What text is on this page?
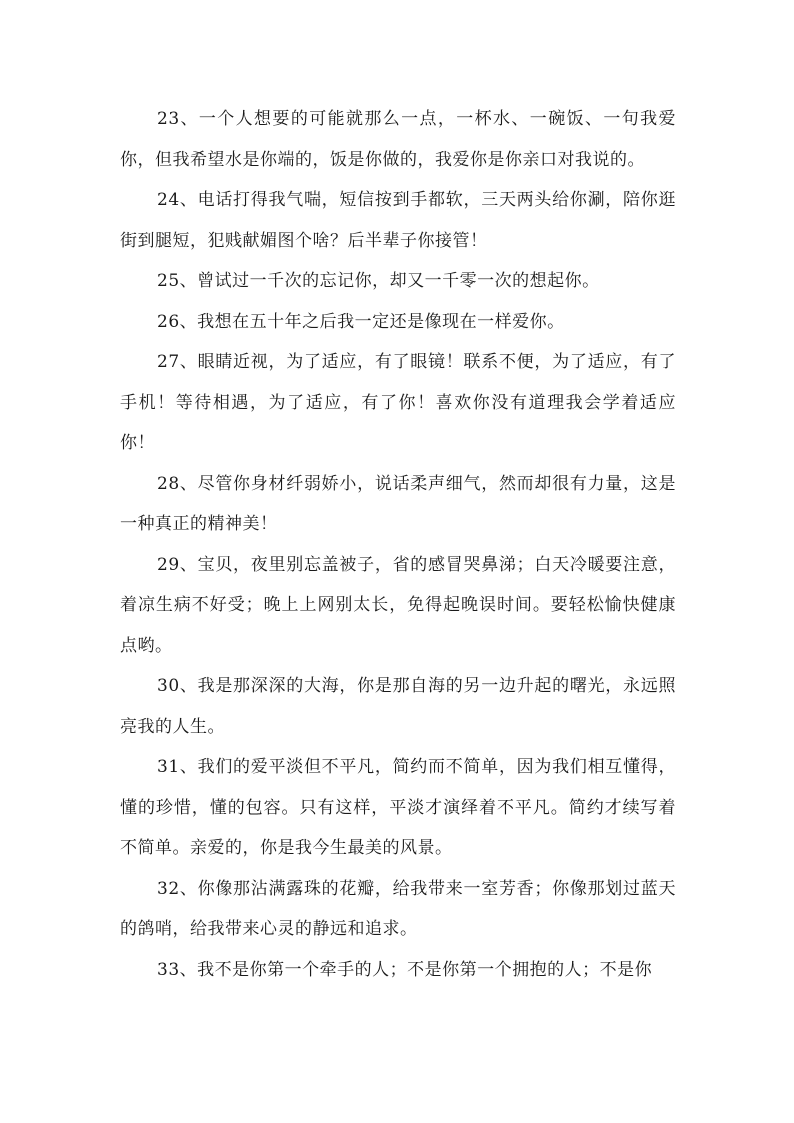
23、一个人想要的可能就那么一点，一杯水、一碗饭、一句我爱你，但我希望水是你端的，饭是你做的，我爱你是你亲口对我说的。

24、电话打得我气喘，短信按到手都软，三天两头给你涮，陪你逛街到腿短，犯贱献媚图个啥？后半辈子你接管！

25、曾试过一千次的忘记你，却又一千零一次的想起你。

26、我想在五十年之后我一定还是像现在一样爱你。

27、眼睛近视，为了适应，有了眼镜！联系不便，为了适应，有了手机！等待相遇，为了适应，有了你！喜欢你没有道理我会学着适应你！

28、尽管你身材纤弱娇小，说话柔声细气，然而却很有力量，这是一种真正的精神美！

29、宝贝，夜里别忘盖被子，省的感冒哭鼻涕；白天冷暖要注意，着凉生病不好受；晚上上网别太长，免得起晚误时间。要轻松愉快健康点哟。

30、我是那深深的大海，你是那自海的另一边升起的曙光，永远照亮我的人生。

31、我们的爱平淡但不平凡，简约而不简单，因为我们相互懂得，懂的珍惜，懂的包容。只有这样，平淡才演绎着不平凡。简约才续写着不简单。亲爱的，你是我今生最美的风景。

32、你像那沾满露珠的花瓣，给我带来一室芳香；你像那划过蓝天的鸽哨，给我带来心灵的静远和追求。

33、我不是你第一个牵手的人；不是你第一个拥抱的人；不是你
